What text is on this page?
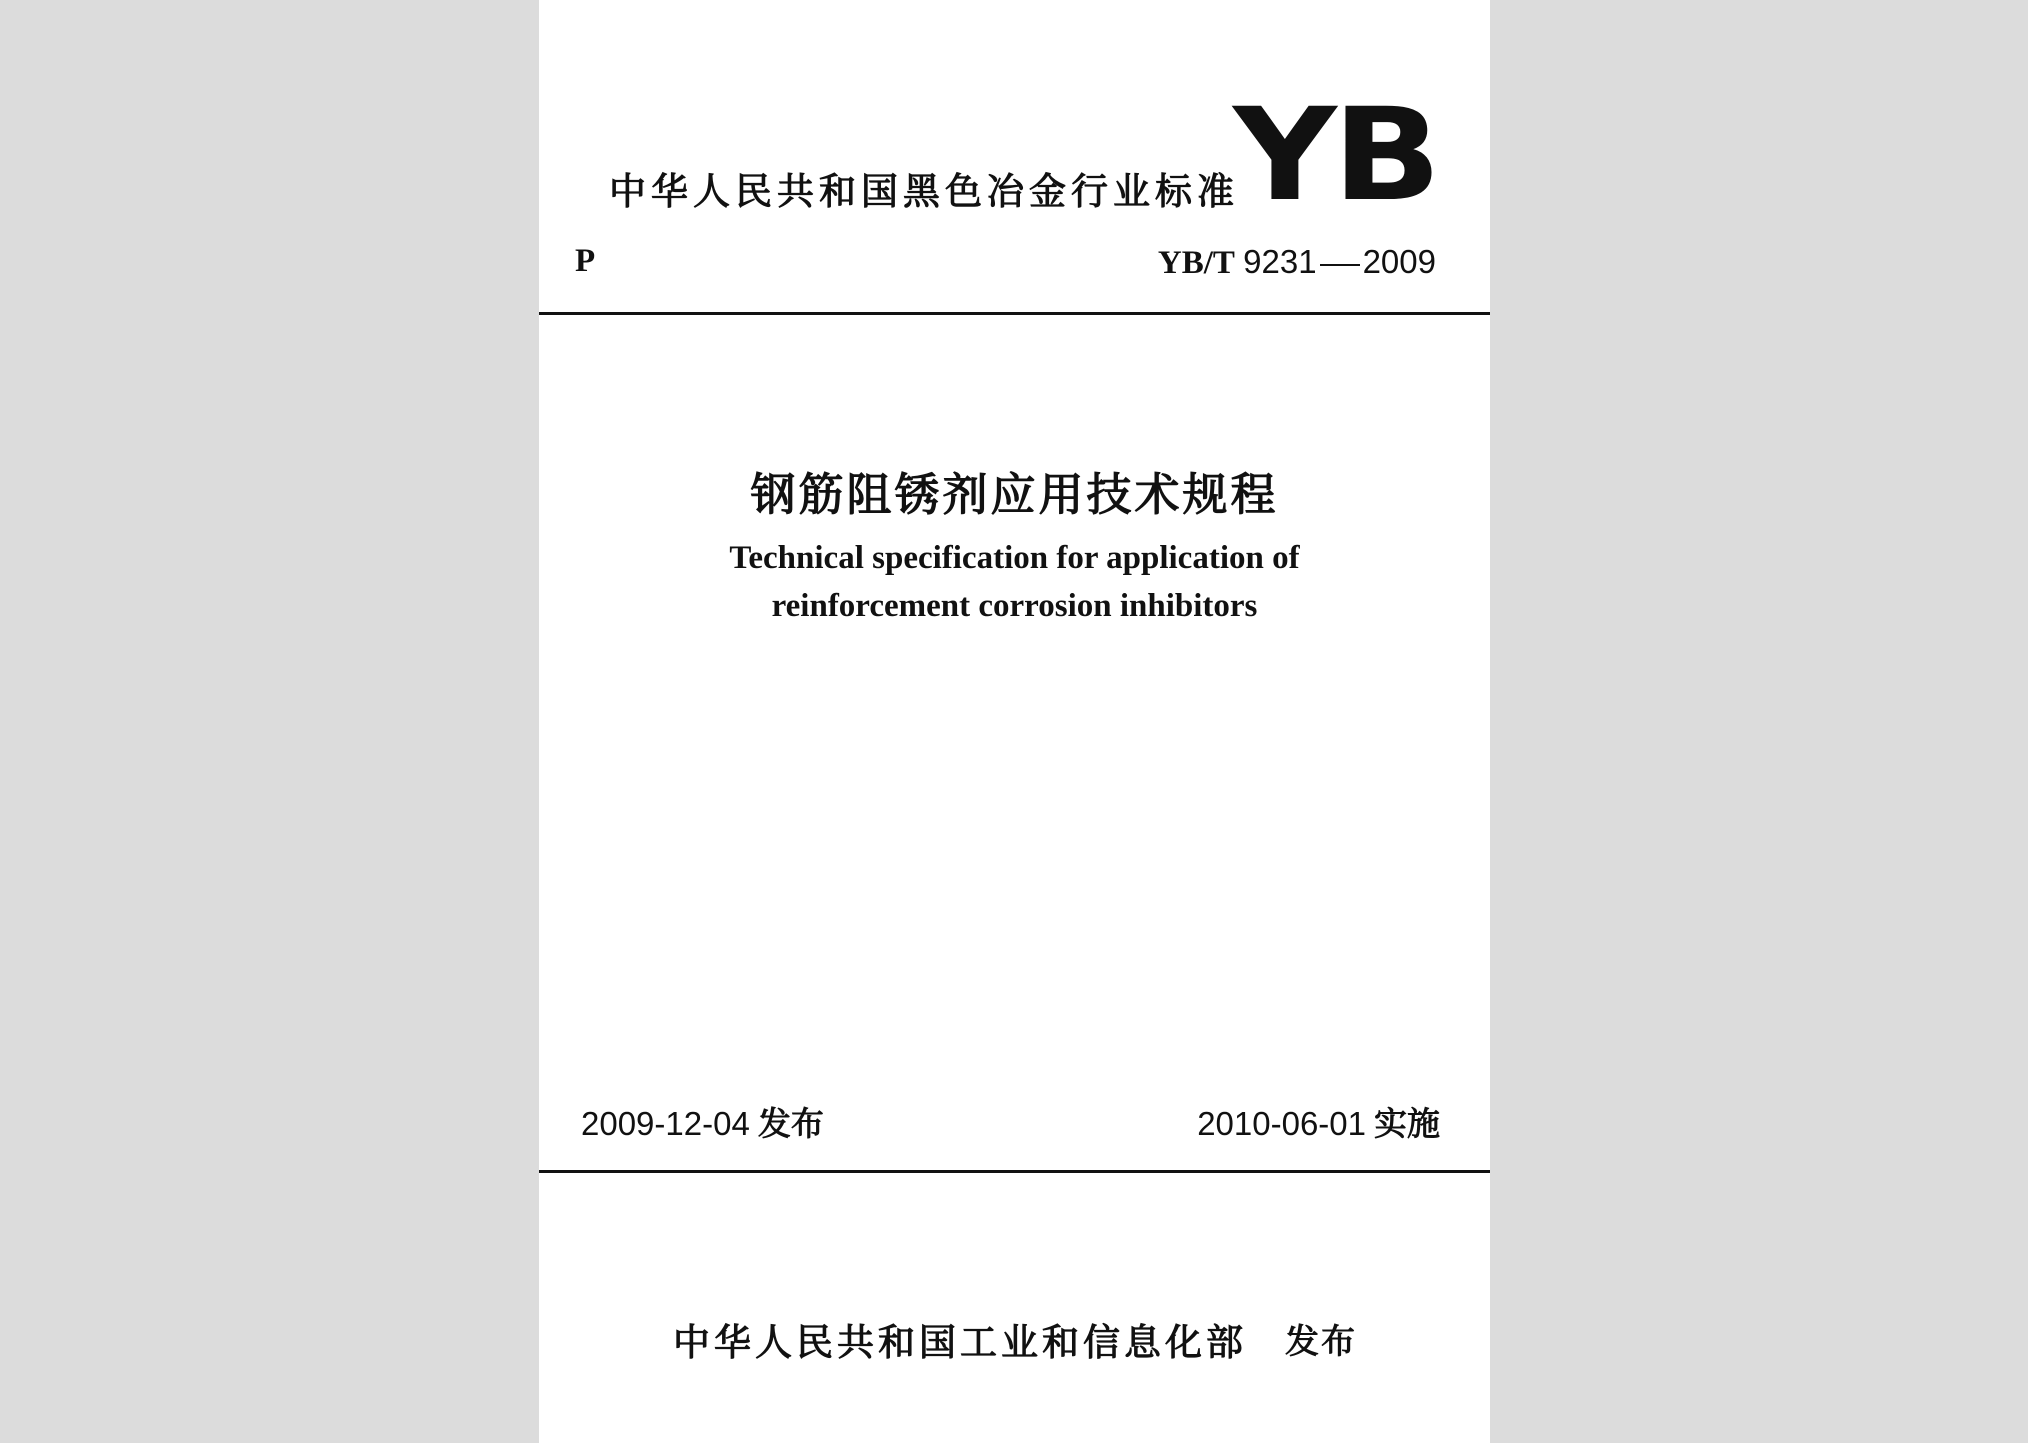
中华人民共和国黑色冶金行业标准
YB
P	YB/T 9231 2009
钢筋阻锈剂应用技术规程
Technical specification for application of
reinforcement corrosion inhibitors
2009-12-04 发布	2010-06-01 实施
中华人民共和国工业和信息化部 发布
